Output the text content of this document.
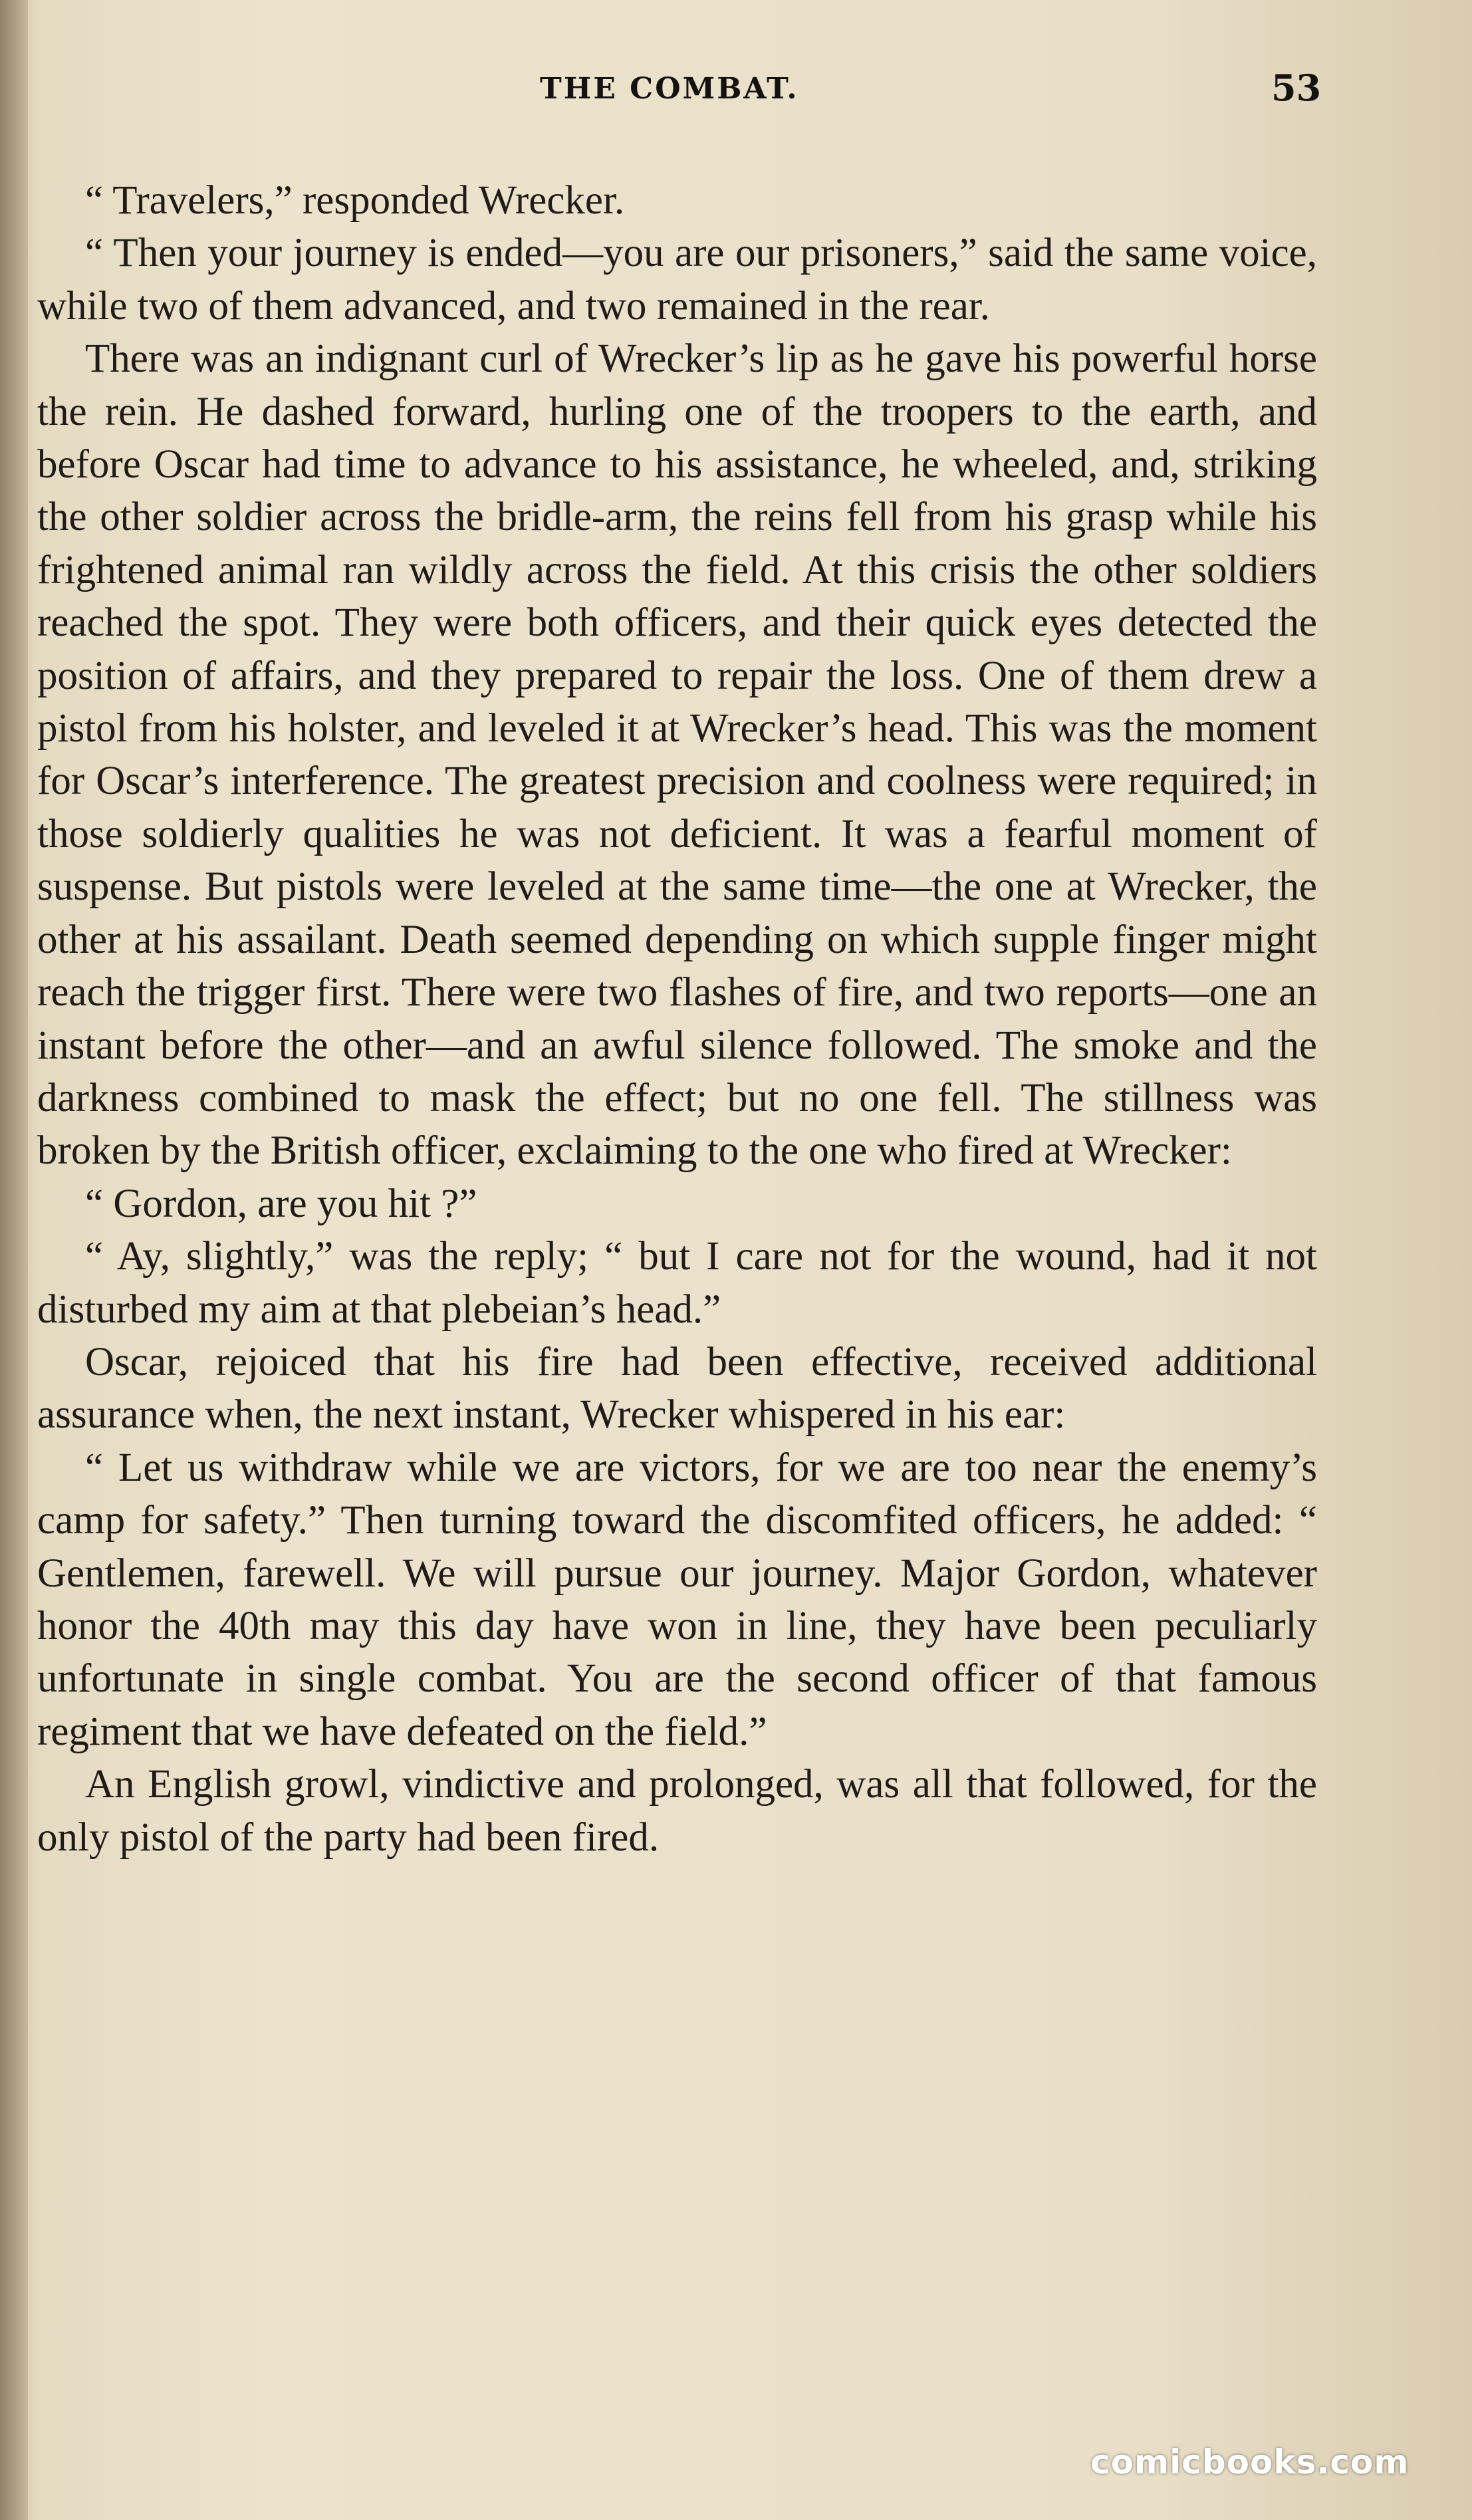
THE COMBAT.	53

“ Travelers,” responded Wrecker.

“ Then your journey is ended—you are our prisoners,” said the same voice, while two of them advanced, and two remained in the rear.

There was an indignant curl of Wrecker’s lip as he gave his powerful horse the rein. He dashed forward, hurling one of the troopers to the earth, and before Oscar had time to advance to his assistance, he wheeled, and, striking the other soldier across the bridle-arm, the reins fell from his grasp while his frightened animal ran wildly across the field. At this crisis the other soldiers reached the spot. They were both officers, and their quick eyes detected the position of affairs, and they prepared to repair the loss. One of them drew a pistol from his holster, and leveled it at Wrecker’s head. This was the moment for Oscar’s interference. The greatest precision and coolness were required; in those soldierly qualities he was not deficient. It was a fearful moment of suspense. But pistols were leveled at the same time—the one at Wrecker, the other at his assailant. Death seemed depending on which supple finger might reach the trigger first. There were two flashes of fire, and two reports—one an instant before the other—and an awful silence followed. The smoke and the darkness combined to mask the effect; but no one fell. The stillness was broken by the British officer, exclaiming to the one who fired at Wrecker:

“ Gordon, are you hit ?”

“ Ay, slightly,” was the reply; “ but I care not for the wound, had it not disturbed my aim at that plebeian’s head.”

Oscar, rejoiced that his fire had been effective, received additional assurance when, the next instant, Wrecker whispered in his ear:

“ Let us withdraw while we are victors, for we are too near the enemy’s camp for safety.” Then turning toward the discomfited officers, he added: “ Gentlemen, farewell. We will pursue our journey. Major Gordon, whatever honor the 40th may this day have won in line, they have been peculiarly unfortunate in single combat. You are the second officer of that famous regiment that we have defeated on the field.”

An English growl, vindictive and prolonged, was all that followed, for the only pistol of the party had been fired.

comicbooks.com
